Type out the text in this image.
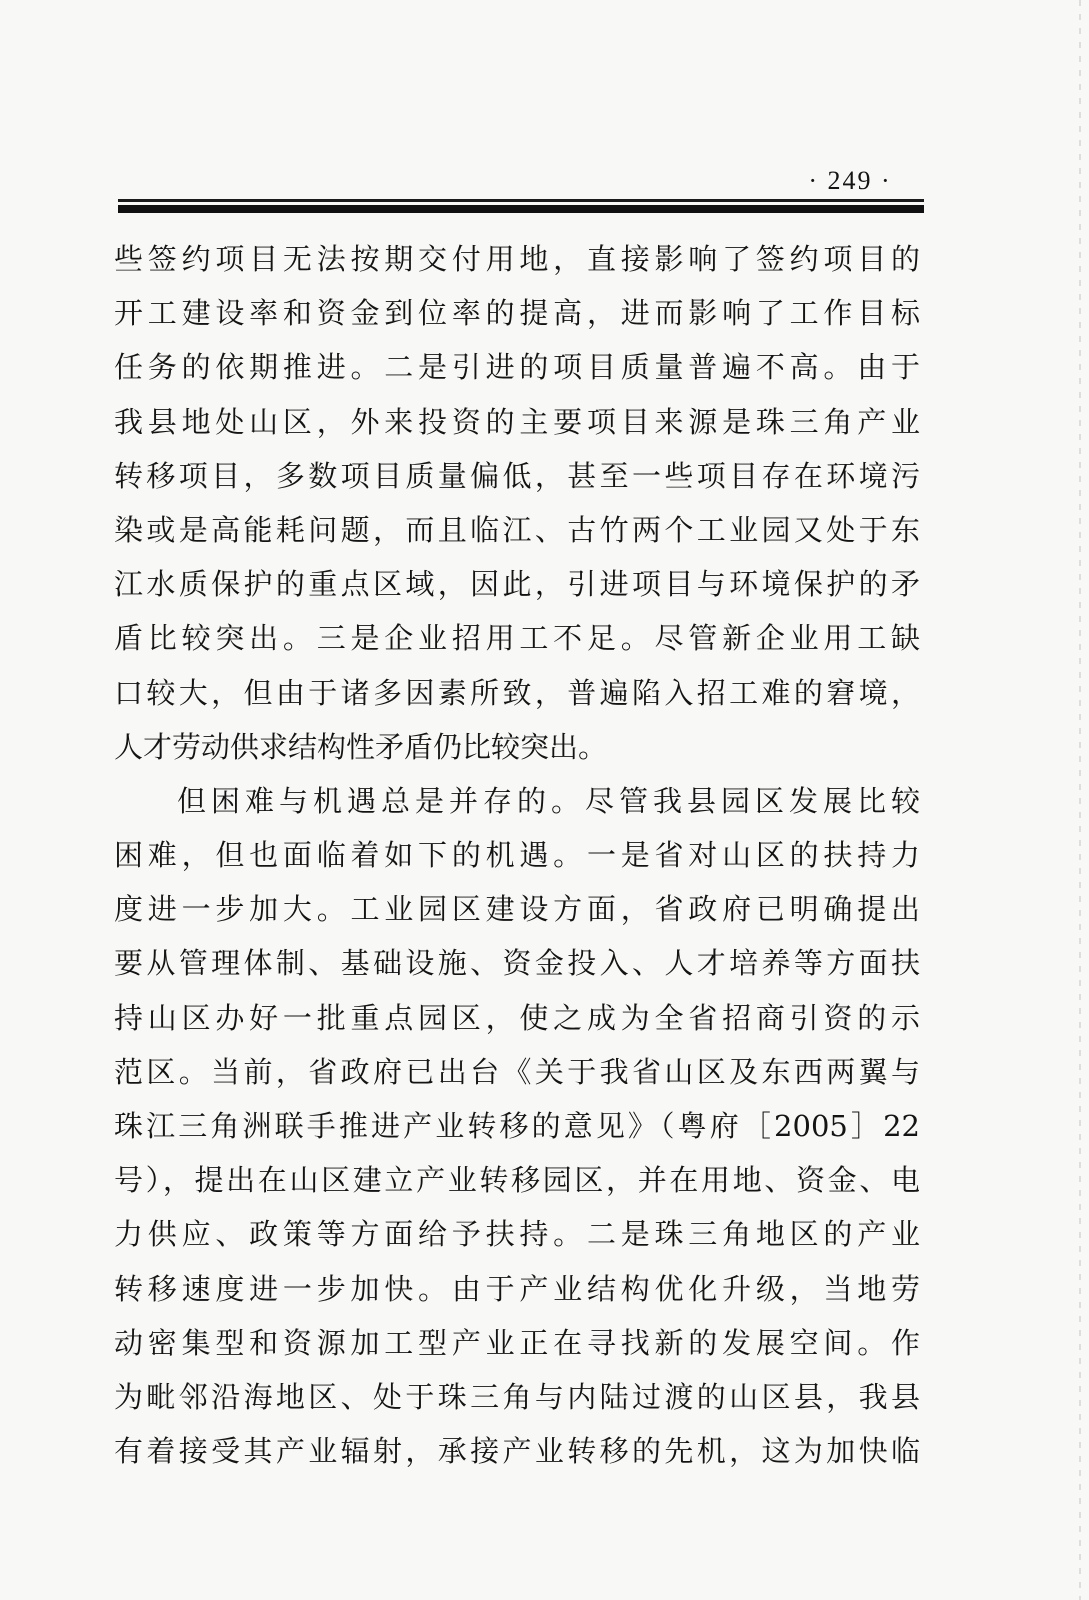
· 249 ·
些签约项目无法按期交付用地，直接影响了签约项目的
开工建设率和资金到位率的提高，进而影响了工作目标
任务的依期推进。二是引进的项目质量普遍不高。由于
我县地处山区，外来投资的主要项目来源是珠三角产业
转移项目，多数项目质量偏低，甚至一些项目存在环境污
染或是高能耗问题，而且临江、古竹两个工业园又处于东
江水质保护的重点区域，因此，引进项目与环境保护的矛
盾比较突出。三是企业招用工不足。尽管新企业用工缺
口较大，但由于诸多因素所致，普遍陷入招工难的窘境，
人才劳动供求结构性矛盾仍比较突出。
但困难与机遇总是并存的。尽管我县园区发展比较
困难，但也面临着如下的机遇。一是省对山区的扶持力
度进一步加大。工业园区建设方面，省政府已明确提出
要从管理体制、基础设施、资金投入、人才培养等方面扶
持山区办好一批重点园区，使之成为全省招商引资的示
范区。当前，省政府已出台《关于我省山区及东西两翼与
珠江三角洲联手推进产业转移的意见》（粤府［2005］22
号），提出在山区建立产业转移园区，并在用地、资金、电
力供应、政策等方面给予扶持。二是珠三角地区的产业
转移速度进一步加快。由于产业结构优化升级，当地劳
动密集型和资源加工型产业正在寻找新的发展空间。作
为毗邻沿海地区、处于珠三角与内陆过渡的山区县，我县
有着接受其产业辐射，承接产业转移的先机，这为加快临
